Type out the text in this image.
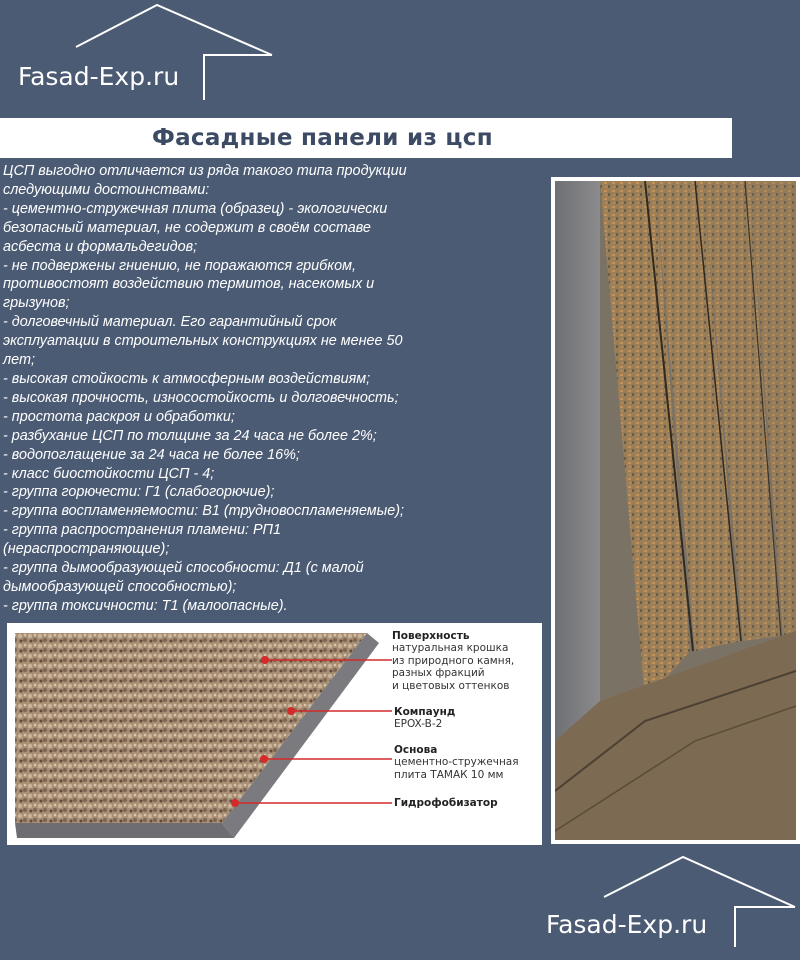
Fasad-Exp.ru
Фасадные панели из цсп
ЦСП выгодно отличается из ряда такого типа продукции
следующими достоинствами:
- цементно-стружечная плита (образец) - экологически
безопасный материал, не содержит в своём составе
асбеста и формальдегидов;
- не подвержены гниению, не поражаются грибком,
противостоят воздействию термитов, насекомых и
грызунов;
- долговечный материал. Его гарантийный срок
эксплуатации в строительных конструкциях не менее 50
лет;
- высокая стойкость к атмосферным воздействиям;
- высокая прочность, износостойкость и долговечность;
- простота раскроя и обработки;
- разбухание ЦСП по толщине за 24 часа не более 2%;
- водопоглащение за 24 часа не более 16%;
- класс биостойкости ЦСП - 4;
- группа горючести: Г1 (слабогорючие);
- группа воспламеняемости: В1 (трудновоспламеняемые);
- группа распространения пламени: РП1
(нераспространяющие);
- группа дымообразующей способности: Д1 (с малой
дымообразующей способностью);
- группа токсичности: Т1 (малоопасные).
Поверхность
натуральная крошка
из природного камня,
разных фракций
и цветовых оттенков
Компаунд
EPOX-B-2
Основа
цементно-стружечная
плита ТАМАК 10 мм
Гидрофобизатор
Fasad-Exp.ru
